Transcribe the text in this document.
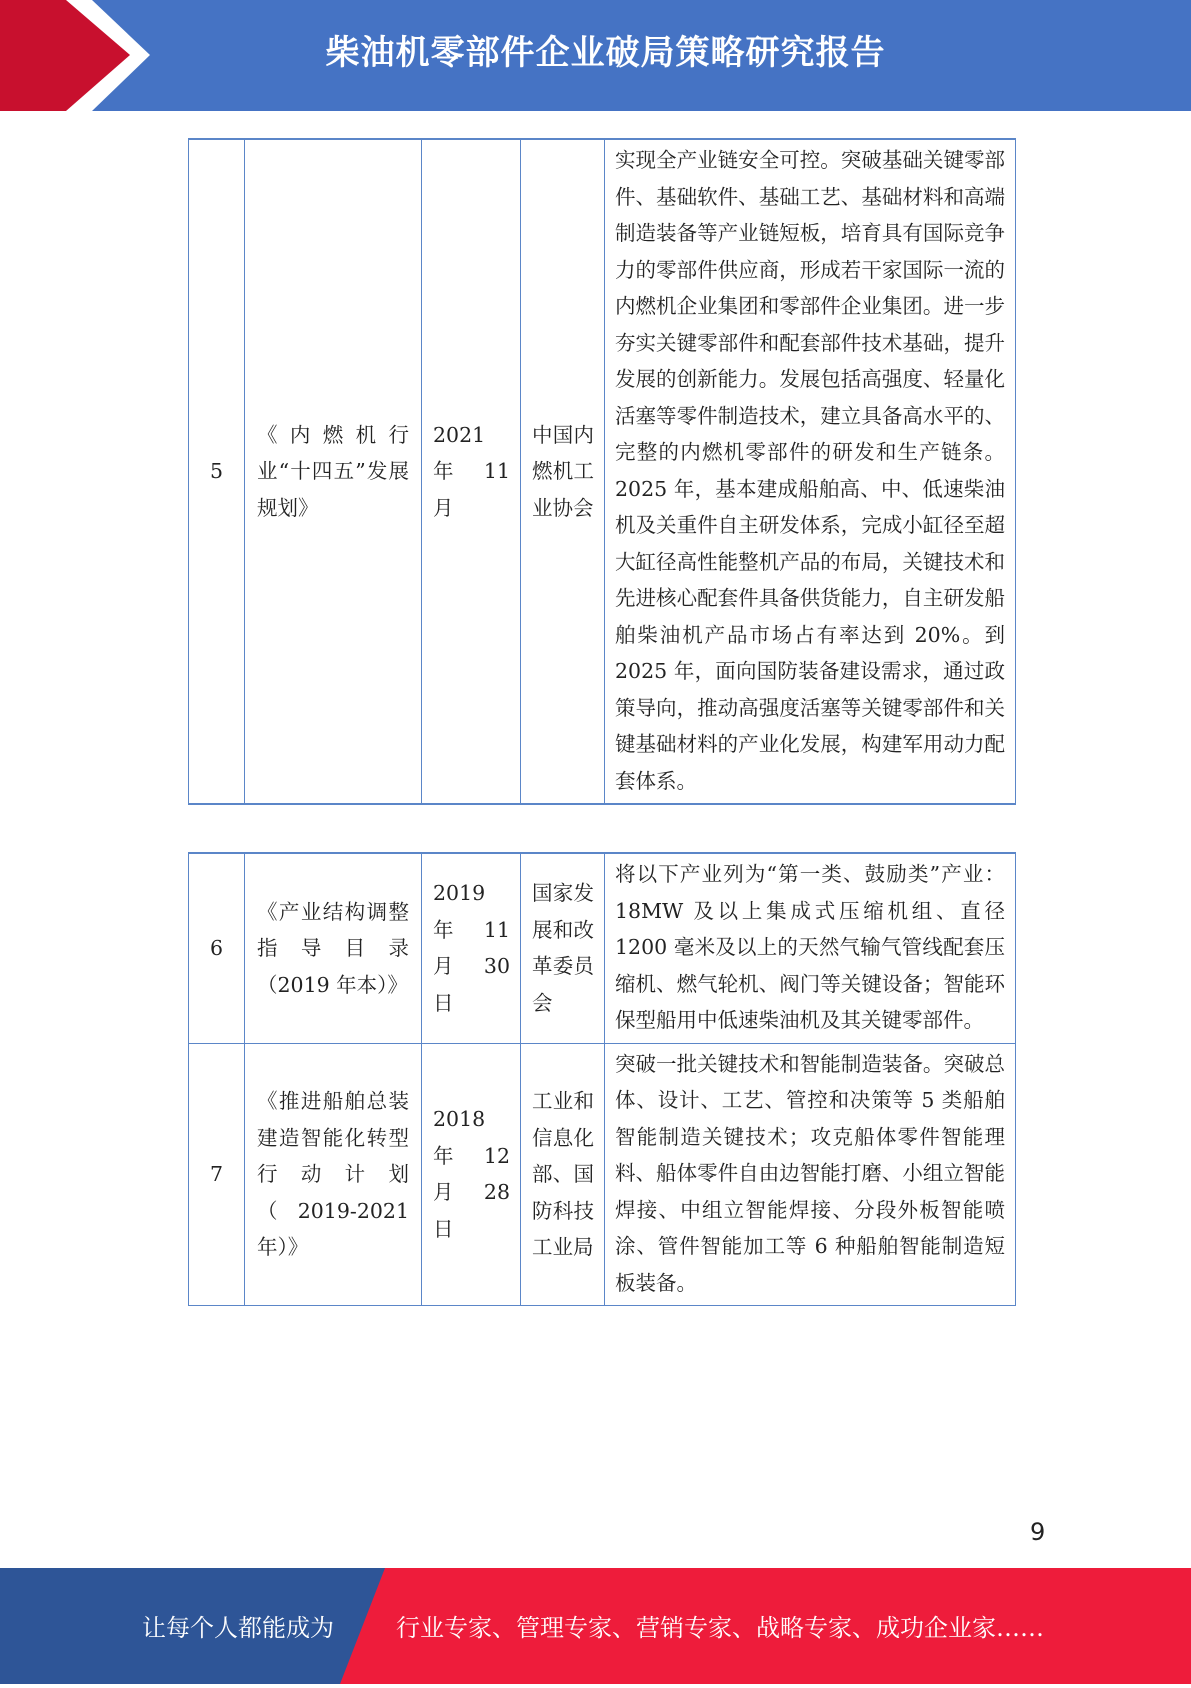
柴油机零部件企业破局策略研究报告
5	《内燃机行业“十四五”发展规划》	2021 年 11 月	中国内燃机工业协会	实现全产业链安全可控。突破基础关键零部件、基础软件、基础工艺、基础材料和高端制造装备等产业链短板，培育具有国际竞争力的零部件供应商，形成若干家国际一流的内燃机企业集团和零部件企业集团。进一步夯实关键零部件和配套部件技术基础，提升发展的创新能力。发展包括高强度、轻量化活塞等零件制造技术，建立具备高水平的、完整的内燃机零部件的研发和生产链条。2025 年，基本建成船舶高、中、低速柴油机及关重件自主研发体系，完成小缸径至超大缸径高性能整机产品的布局，关键技术和先进核心配套件具备供货能力，自主研发船舶柴油机产品市场占有率达到 20%。到 2025 年，面向国防装备建设需求，通过政策导向，推动高强度活塞等关键零部件和关键基础材料的产业化发展，构建军用动力配套体系。
6	《产业结构调整指导目录（2019 年本）》	2019 年 11 月 30 日	国家发展和改革委员会	将以下产业列为“第一类、鼓励类”产业：18MW 及以上集成式压缩机组、直径 1200 毫米及以上的天然气输气管线配套压缩机、燃气轮机、阀门等关键设备；智能环保型船用中低速柴油机及其关键零部件。
7	《推进船舶总装建造智能化转型行动计划（2019-2021 年）》	2018 年 12 月 28 日	工业和信息化部、国防科技工业局	突破一批关键技术和智能制造装备。突破总体、设计、工艺、管控和决策等 5 类船舶智能制造关键技术；攻克船体零件智能理料、船体零件自由边智能打磨、小组立智能焊接、中组立智能焊接、分段外板智能喷涂、管件智能加工等 6 种船舶智能制造短板装备。
9
让每个人都能成为	行业专家、管理专家、营销专家、战略专家、成功企业家……
